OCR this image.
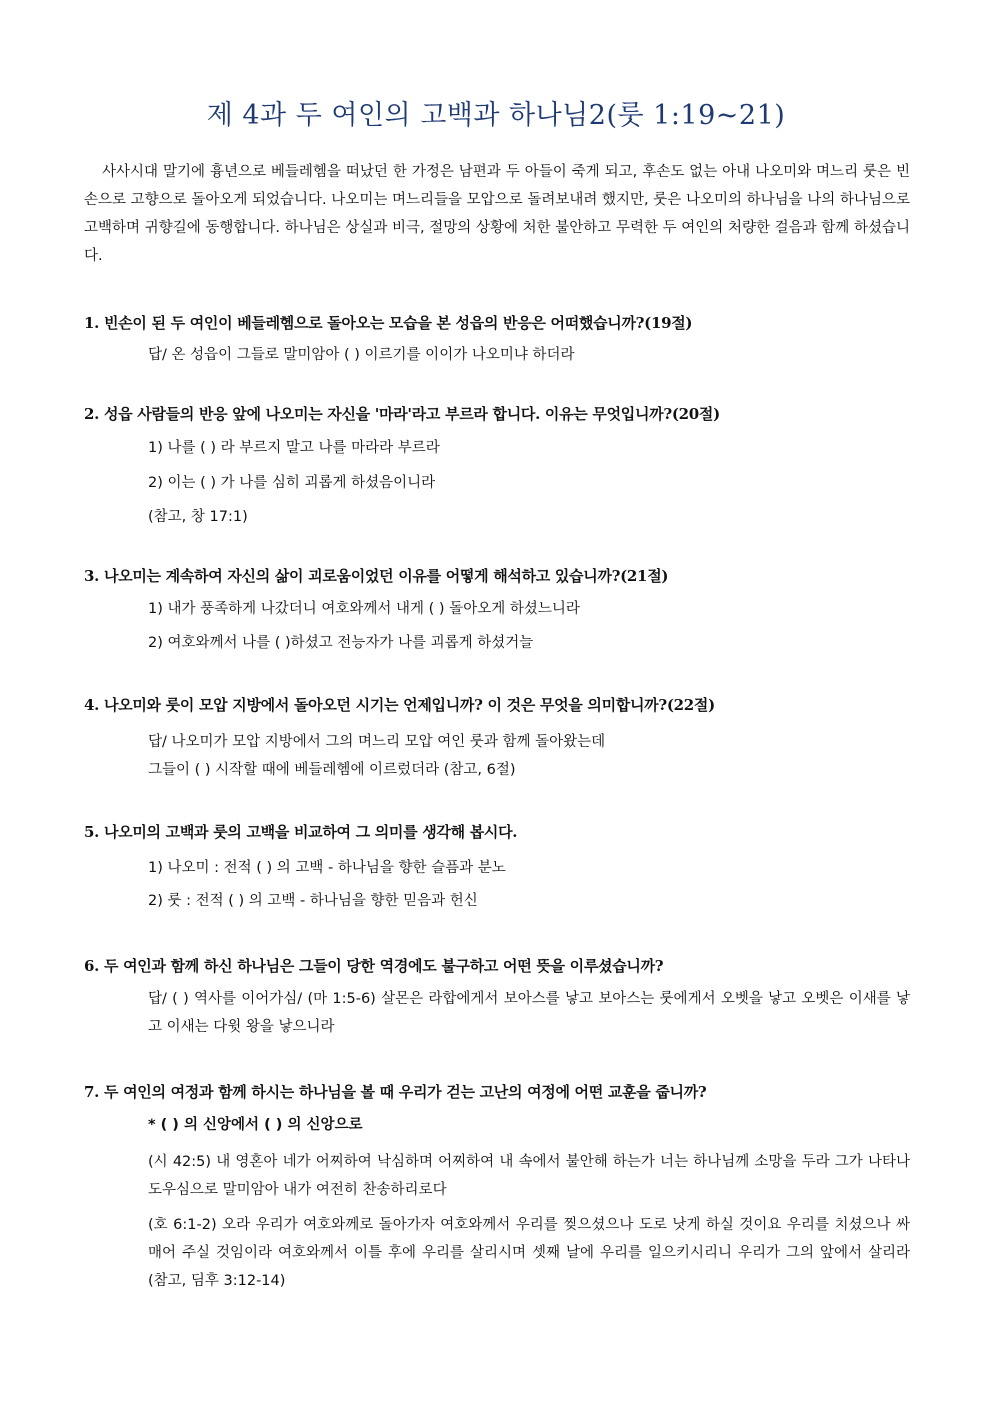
제 4과 두 여인의 고백과 하나님2(룻 1:19~21)
사사시대 말기에 흉년으로 베들레헴을 떠났던 한 가정은 남편과 두 아들이 죽게 되고, 후손도 없는 아내 나오미와 며느리 룻은 빈손으로 고향으로 돌아오게 되었습니다. 나오미는 며느리들을 모압으로 돌려보내려 했지만, 룻은 나오미의 하나님을 나의 하나님으로 고백하며 귀향길에 동행합니다. 하나님은 상실과 비극, 절망의 상황에 처한 불안하고 무력한 두 여인의 처량한 걸음과 함께 하셨습니다.
1. 빈손이 된 두 여인이 베들레헴으로 돌아오는 모습을 본 성읍의 반응은 어떠했습니까?(19절)
답/ 온 성읍이 그들로 말미암아 ( ) 이르기를 이이가 나오미냐 하더라
2. 성읍 사람들의 반응 앞에 나오미는 자신을 '마라'라고 부르라 합니다. 이유는 무엇입니까?(20절)
1) 나를 ( ) 라 부르지 말고 나를 마라라 부르라
2) 이는 ( ) 가 나를 심히 괴롭게 하셨음이니라
(참고, 창 17:1)
3. 나오미는 계속하여 자신의 삶이 괴로움이었던 이유를 어떻게 해석하고 있습니까?(21절)
1) 내가 풍족하게 나갔더니 여호와께서 내게 ( ) 돌아오게 하셨느니라
2) 여호와께서 나를 ( )하셨고 전능자가 나를 괴롭게 하셨거늘
4. 나오미와 룻이 모압 지방에서 돌아오던 시기는 언제입니까? 이 것은 무엇을 의미합니까?(22절)
답/ 나오미가 모압 지방에서 그의 며느리 모압 여인 룻과 함께 돌아왔는데
그들이 ( ) 시작할 때에 베들레헴에 이르렀더라 (참고, 6절)
5. 나오미의 고백과 룻의 고백을 비교하여 그 의미를 생각해 봅시다.
1) 나오미 : 전적 ( ) 의 고백 - 하나님을 향한 슬픔과 분노
2) 룻 : 전적 ( ) 의 고백 - 하나님을 향한 믿음과 헌신
6. 두 여인과 함께 하신 하나님은 그들이 당한 역경에도 불구하고 어떤 뜻을 이루셨습니까?
답/ ( ) 역사를 이어가심/ (마 1:5-6) 살몬은 라합에게서 보아스를 낳고 보아스는 룻에게서 오벳을 낳고 오벳은 이새를 낳고 이새는 다윗 왕을 낳으니라
7. 두 여인의 여정과 함께 하시는 하나님을 볼 때 우리가 걷는 고난의 여정에 어떤 교훈을 줍니까?
* ( ) 의 신앙에서 ( ) 의 신앙으로
(시 42:5) 내 영혼아 네가 어찌하여 낙심하며 어찌하여 내 속에서 불안해 하는가 너는 하나님께 소망을 두라 그가 나타나 도우심으로 말미암아 내가 여전히 찬송하리로다
(호 6:1-2) 오라 우리가 여호와께로 돌아가자 여호와께서 우리를 찢으셨으나 도로 낫게 하실 것이요 우리를 치셨으나 싸매어 주실 것임이라 여호와께서 이틀 후에 우리를 살리시며 셋째 날에 우리를 일으키시리니 우리가 그의 앞에서 살리라 (참고, 딤후 3:12-14)
